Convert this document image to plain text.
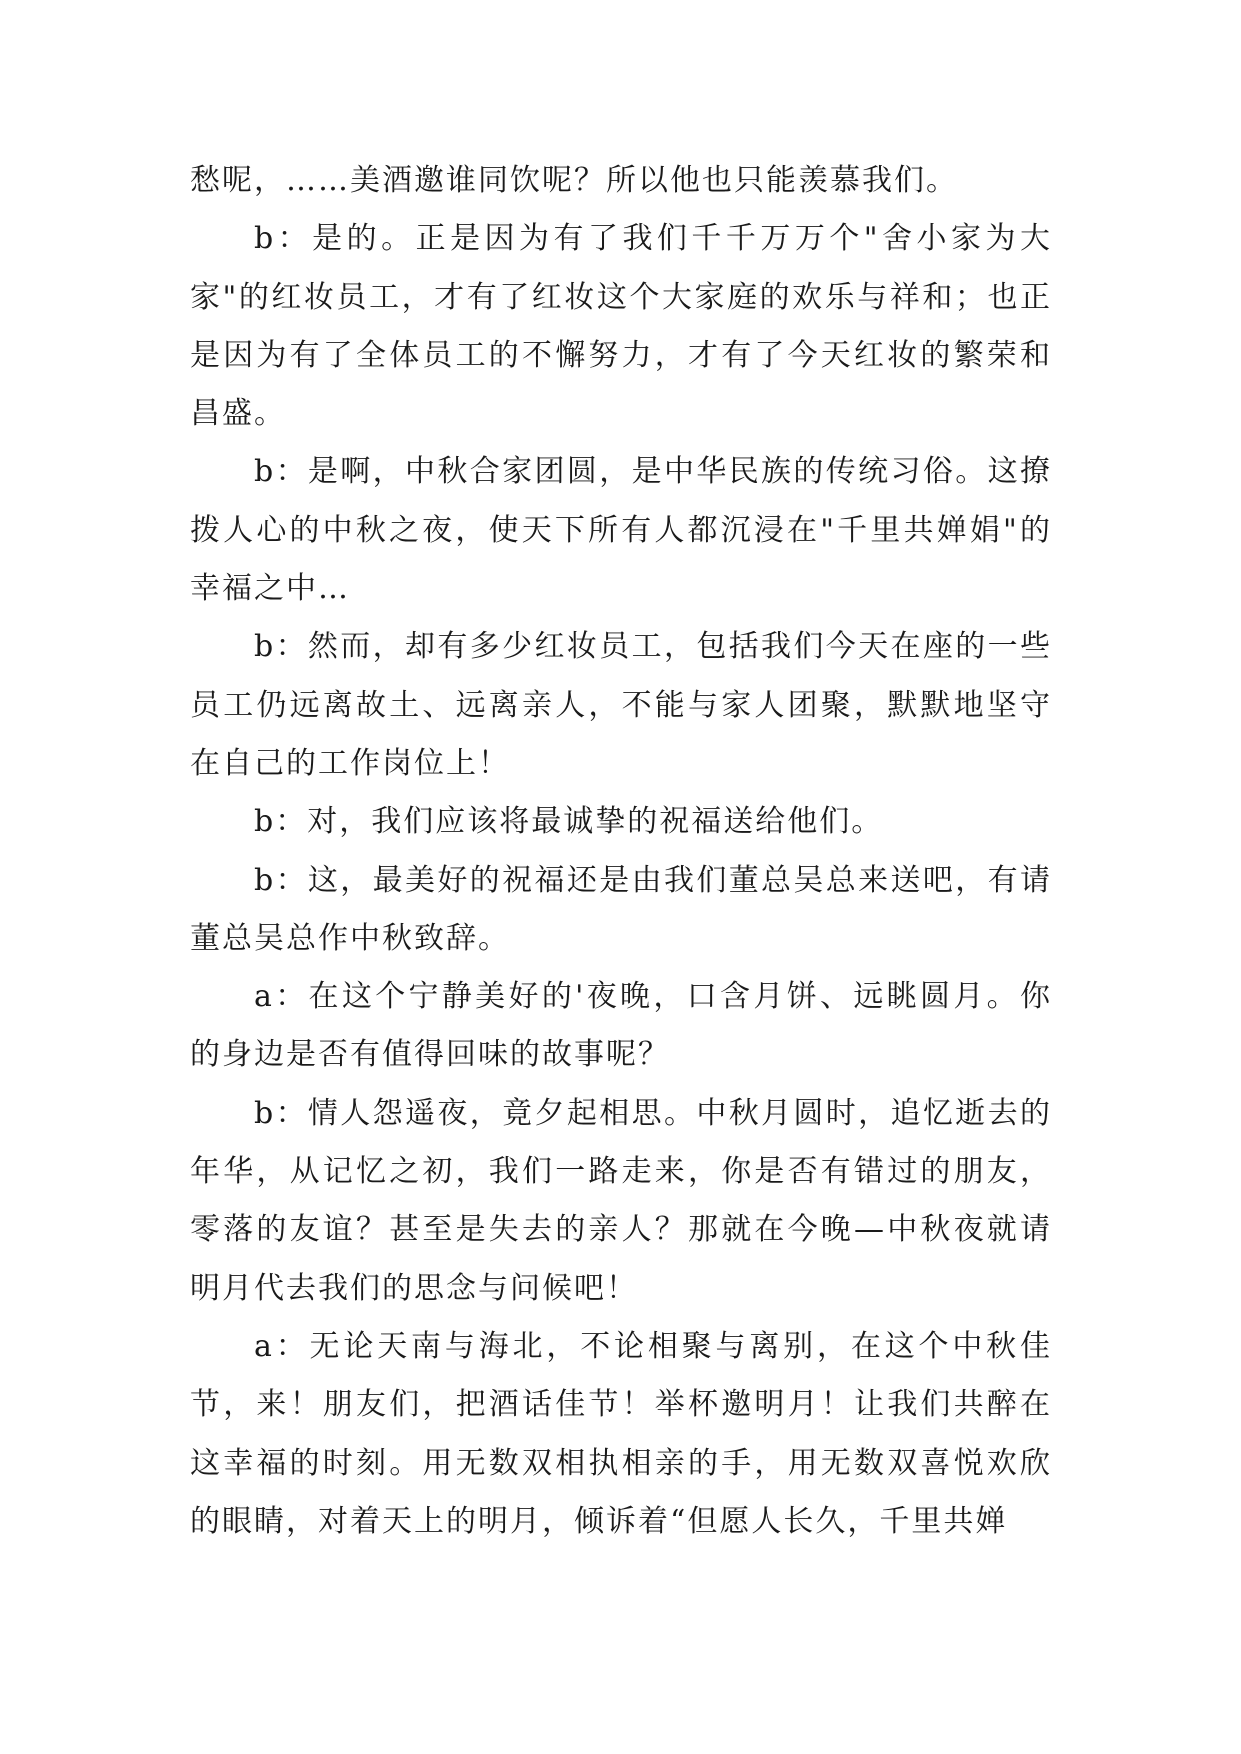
愁呢，……美酒邀谁同饮呢？所以他也只能羡慕我们。

b：是的。正是因为有了我们千千万万个"舍小家为大家"的红妆员工，才有了红妆这个大家庭的欢乐与祥和；也正是因为有了全体员工的不懈努力，才有了今天红妆的繁荣和昌盛。

b：是啊，中秋合家团圆，是中华民族的传统习俗。这撩拨人心的中秋之夜，使天下所有人都沉浸在"千里共婵娟"的幸福之中…

b：然而，却有多少红妆员工，包括我们今天在座的一些员工仍远离故土、远离亲人，不能与家人团聚，默默地坚守在自己的工作岗位上！

b：对，我们应该将最诚挚的祝福送给他们。

b：这，最美好的祝福还是由我们董总吴总来送吧，有请董总吴总作中秋致辞。

a：在这个宁静美好的'夜晚，口含月饼、远眺圆月。你的身边是否有值得回味的故事呢？

b：情人怨遥夜，竟夕起相思。中秋月圆时，追忆逝去的年华，从记忆之初，我们一路走来，你是否有错过的朋友，零落的友谊？甚至是失去的亲人？那就在今晚—中秋夜就请明月代去我们的思念与问候吧！

a：无论天南与海北，不论相聚与离别，在这个中秋佳节，来！朋友们，把酒话佳节！举杯邀明月！让我们共醉在这幸福的时刻。用无数双相执相亲的手，用无数双喜悦欢欣的眼睛，对着天上的明月，倾诉着“但愿人长久，千里共婵
